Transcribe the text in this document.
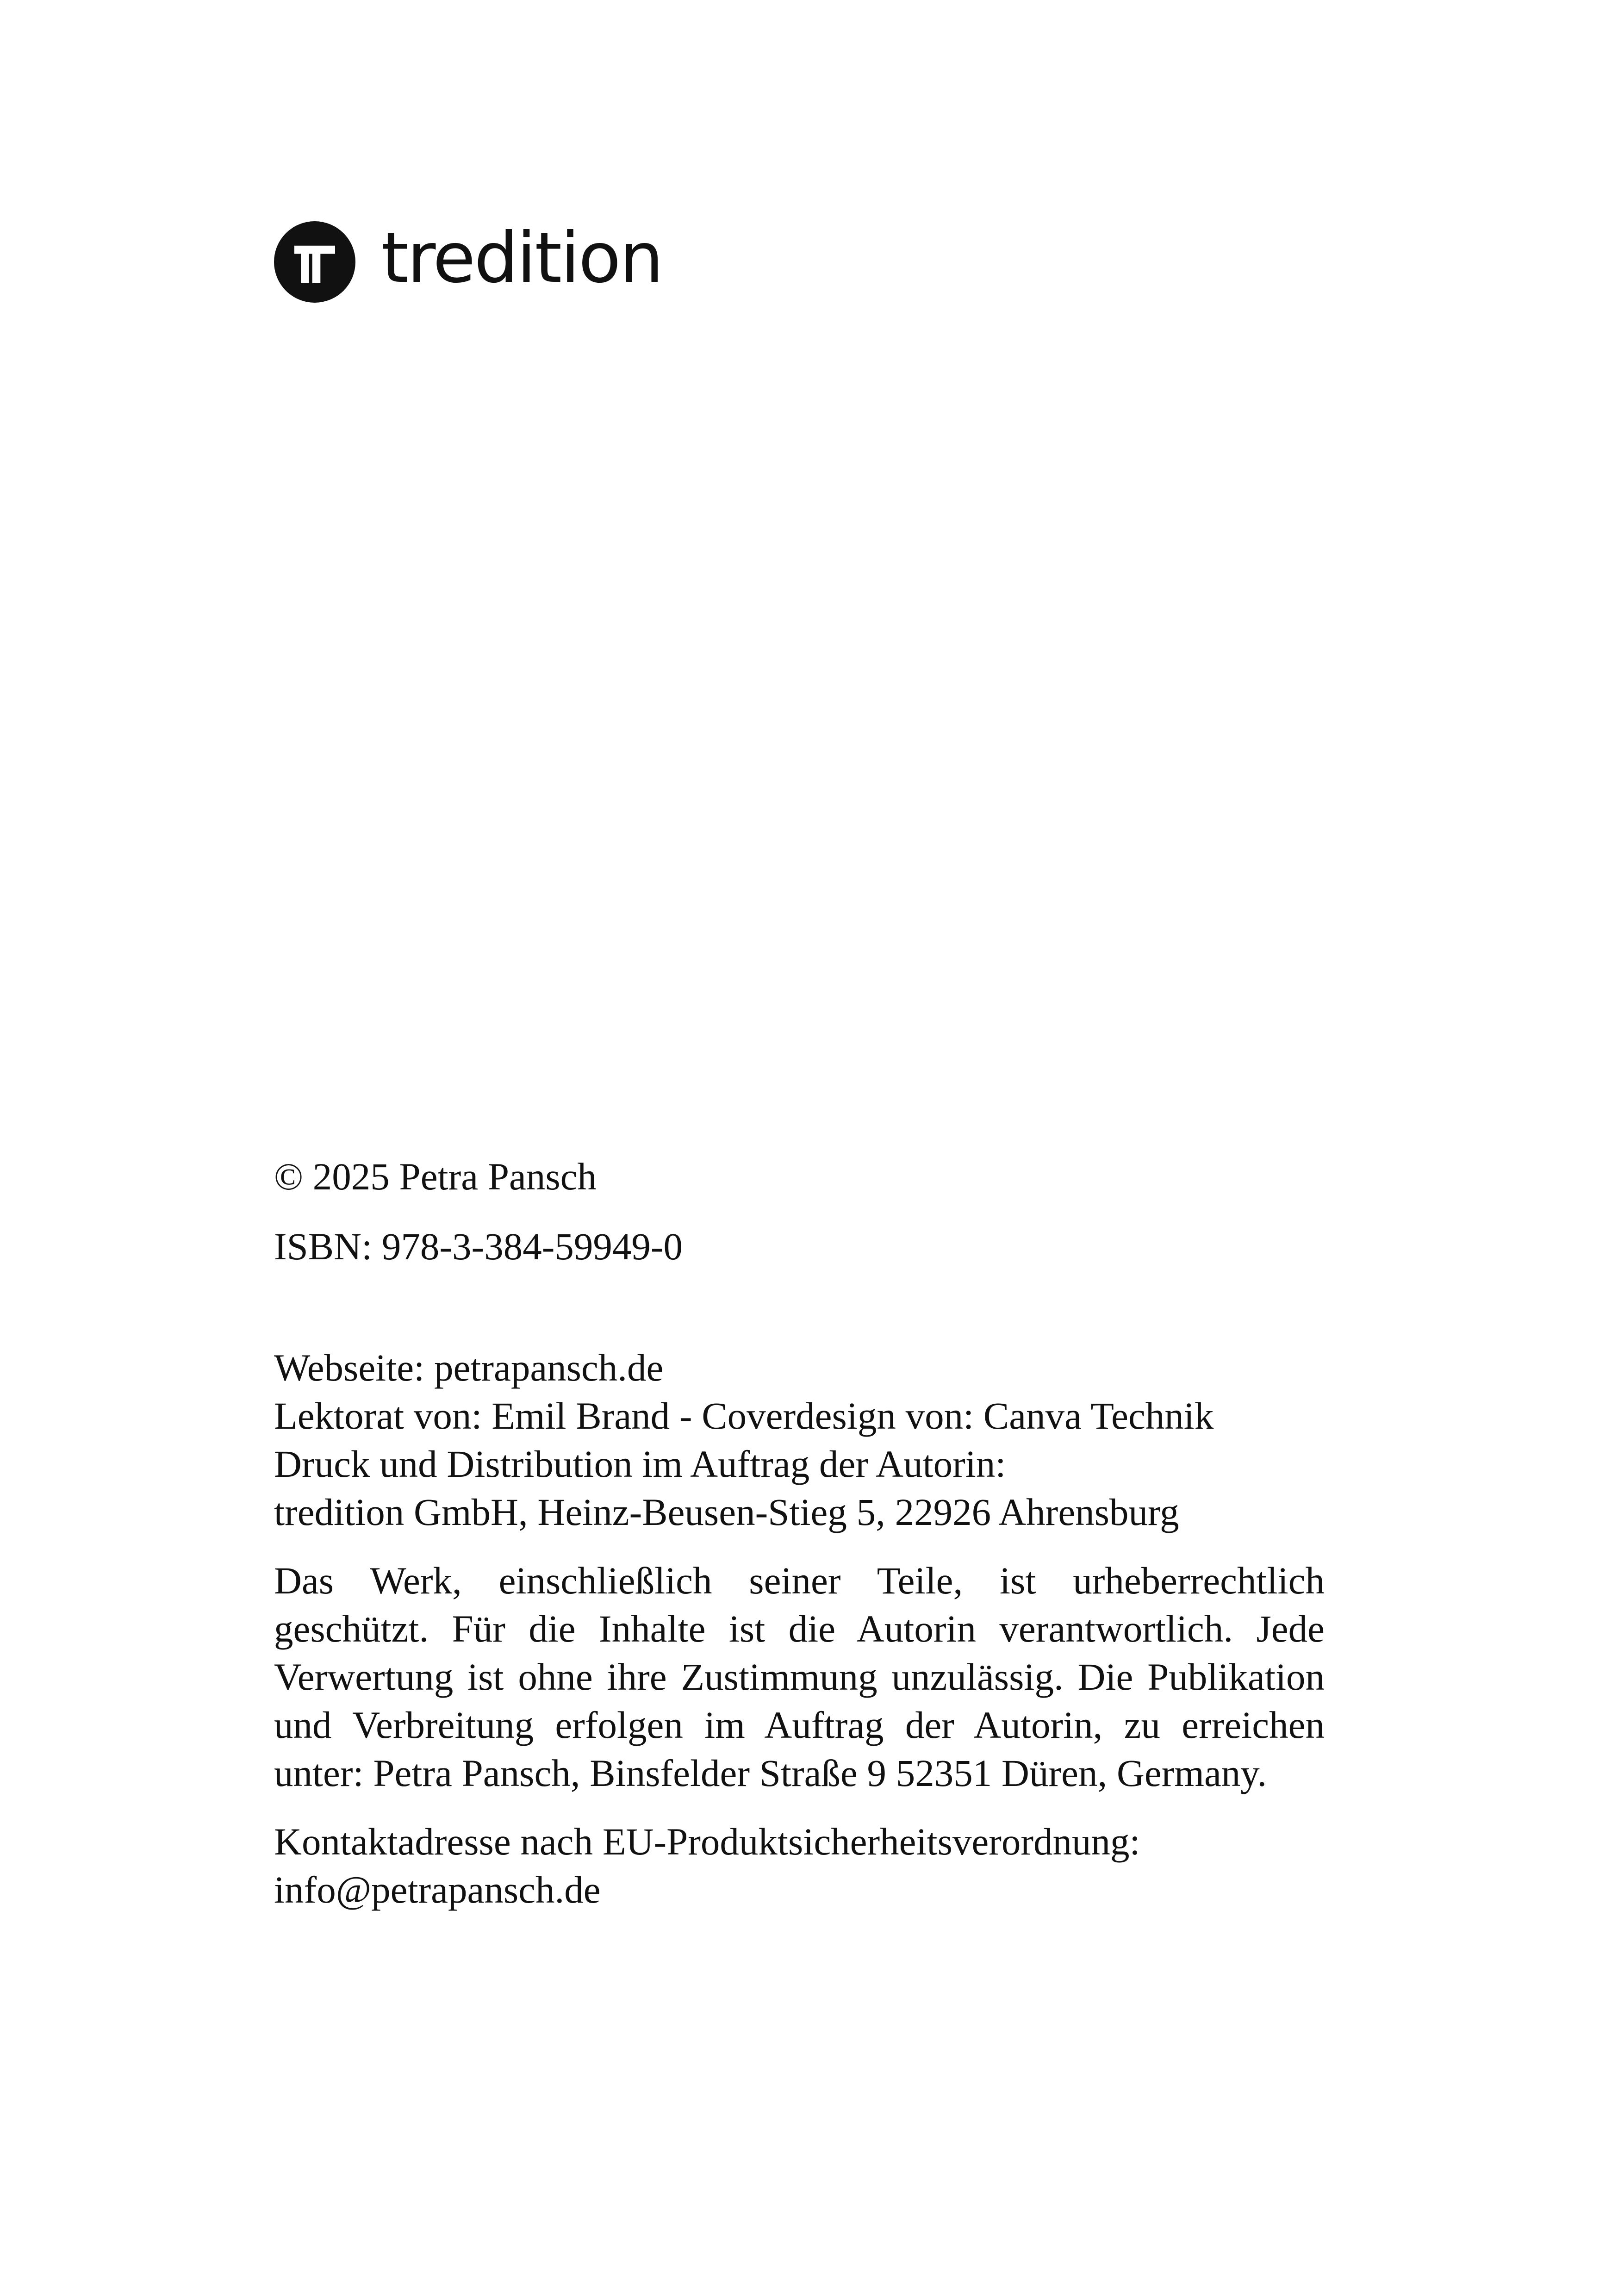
tredition
© 2025 Petra Pansch
ISBN: 978-3-384-59949-0
Webseite: petrapansch.de
Lektorat von: Emil Brand - Coverdesign von: Canva Technik
Druck und Distribution im Auftrag der Autorin:
tredition GmbH, Heinz-Beusen-Stieg 5, 22926 Ahrensburg

Das Werk, einschließlich seiner Teile, ist urheberrechtlich geschützt. Für die Inhalte ist die Autorin verantwortlich. Jede Verwertung ist ohne ihre Zustimmung unzulässig. Die Publikation und Verbreitung erfolgen im Auftrag der Autorin, zu erreichen unter: Petra Pansch, Binsfelder Straße 9 52351 Düren, Germany.

Kontaktadresse nach EU-Produktsicherheitsverordnung:
info@petrapansch.de
